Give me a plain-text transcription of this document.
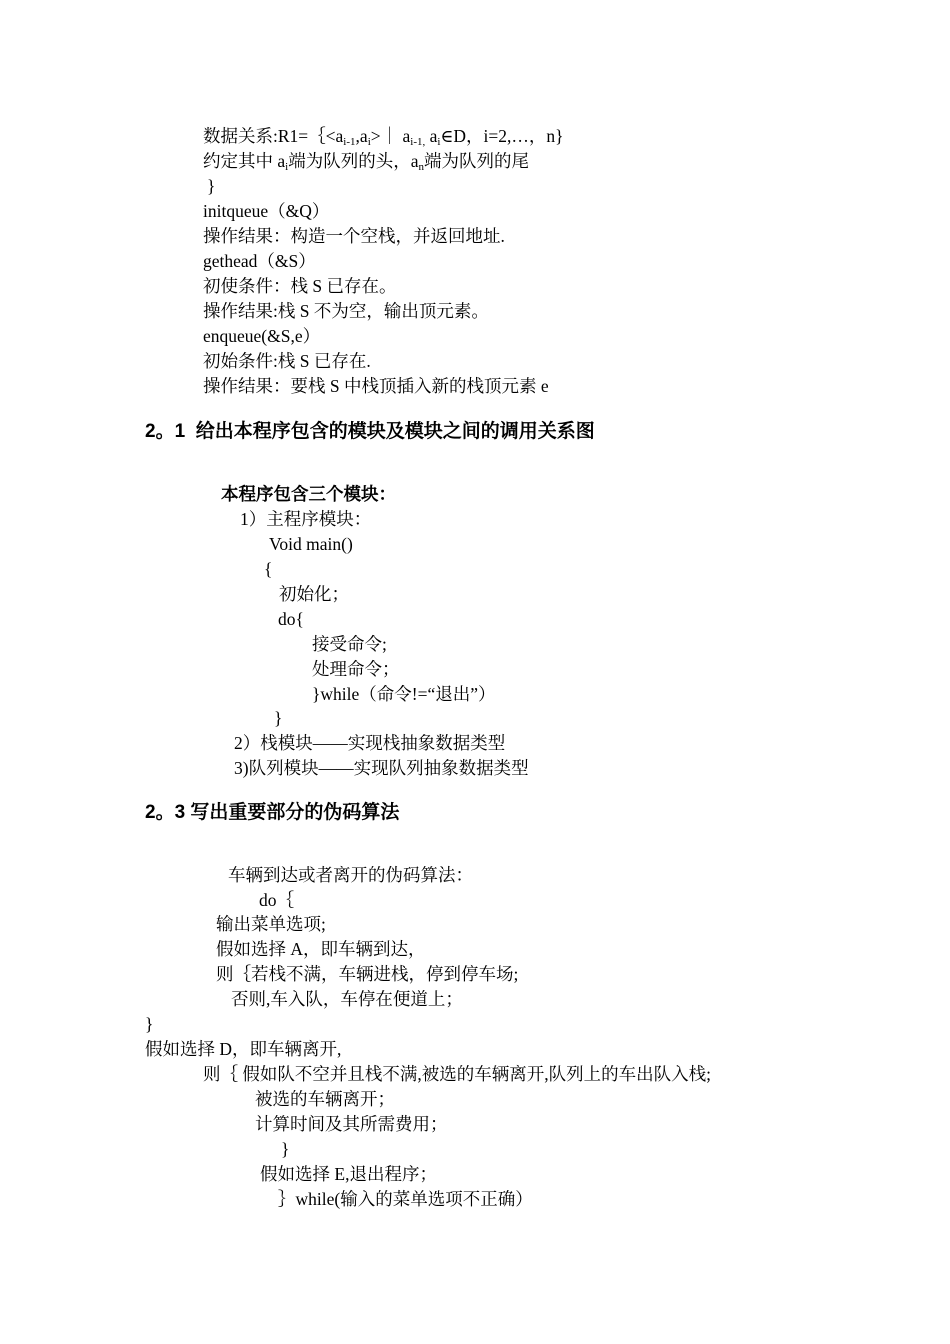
数据关系$:R1=\{<a_{i-1},a_i>|$ $a_{i-1,}$ $a_i\in D$，i=2,…，n}
约定其中 $a_i$端为队列的头，$a_n$端为队列的尾
}
initqueue（&Q）
操作结果：构造一个空栈，并返回地址.
gethead（&S）
初使条件：栈 S 已存在。
操作结果:栈 S 不为空，输出顶元素。
enqueue(&S,e）
初始条件:栈 S 已存在.
操作结果：要栈 S 中栈顶插入新的栈顶元素 e
2。1  给出本程序包含的模块及模块之间的调用关系图
本程序包含三个模块：
1）主程序模块：
Void main()
{
初始化；
do{
接受命令;
处理命令；
}while（命令!=“退出”）
}
2）栈模块——实现栈抽象数据类型
3)队列模块——实现队列抽象数据类型
2。3 写出重要部分的伪码算法
车辆到达或者离开的伪码算法：
do｛
输出菜单选项;
假如选择 A，即车辆到达，
则｛若栈不满，车辆进栈，停到停车场;
否则,车入队，车停在便道上；
}
假如选择 D，即车辆离开,
则｛ 假如队不空并且栈不满,被选的车辆离开,队列上的车出队入栈;
被选的车辆离开；
计算时间及其所需费用；
}
假如选择 E,退出程序；
｝while(输入的菜单选项不正确）
